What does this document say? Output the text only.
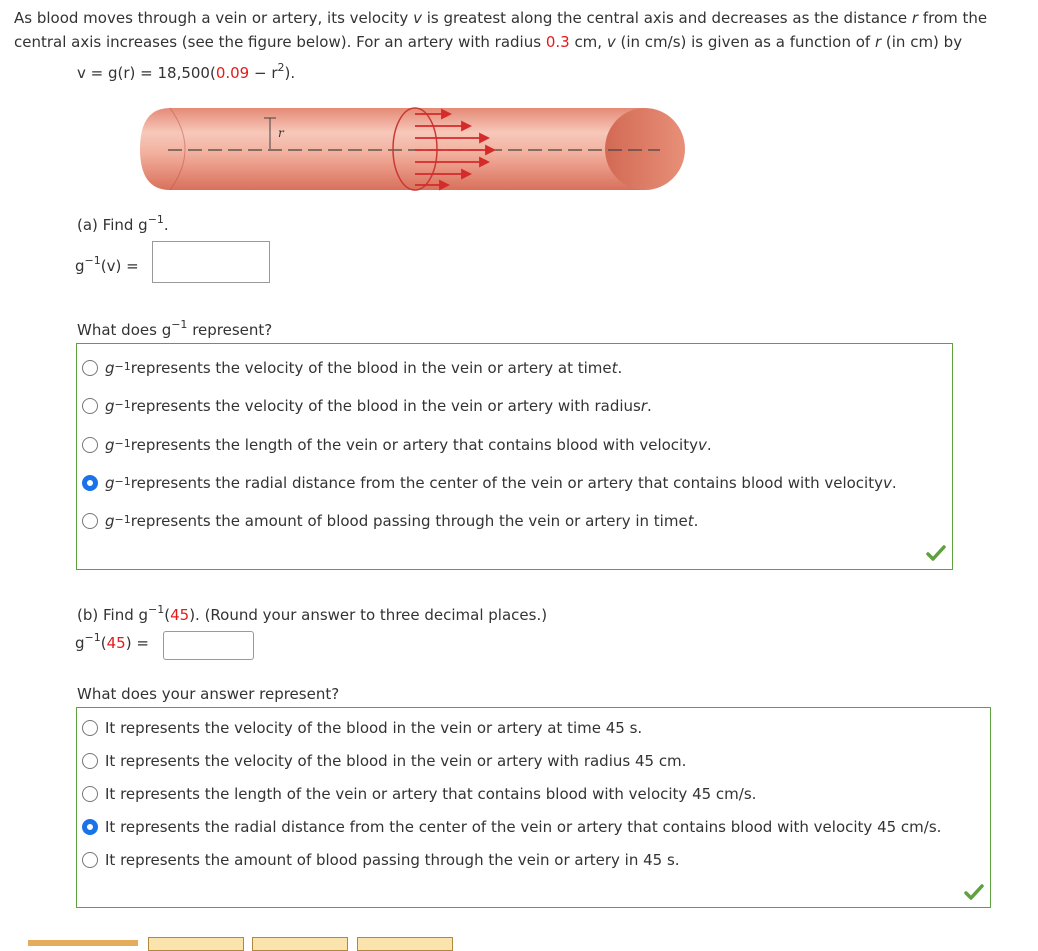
As blood moves through a vein or artery, its velocity v is greatest along the central axis and decreases as the distance r from the
central axis increases (see the figure below). For an artery with radius 0.3 cm, v (in cm/s) is given as a function of r (in cm) by
$v = g(r) = 18,500(0.09 - r^2)$.
r
(a) Find $g^{-1}$.
$g^{-1}(v)$ =
What does $g^{-1}$ represent?
$g^{-1}$ represents the velocity of the blood in the vein or artery at time t .
$g^{-1}$ represents the velocity of the blood in the vein or artery with radius r .
$g^{-1}$ represents the length of the vein or artery that contains blood with velocity v .
$g^{-1}$ represents the radial distance from the center of the vein or artery that contains blood with velocity v .
$g^{-1}$ represents the amount of blood passing through the vein or artery in time t .
(b) Find $g^{-1}(45)$. (Round your answer to three decimal places.)
$g^{-1}(45)$ =
What does your answer represent?
It represents the velocity of the blood in the vein or artery at time 45 s.
It represents the velocity of the blood in the vein or artery with radius 45 cm.
It represents the length of the vein or artery that contains blood with velocity 45 cm/s.
It represents the radial distance from the center of the vein or artery that contains blood with velocity 45 cm/s.
It represents the amount of blood passing through the vein or artery in 45 s.
